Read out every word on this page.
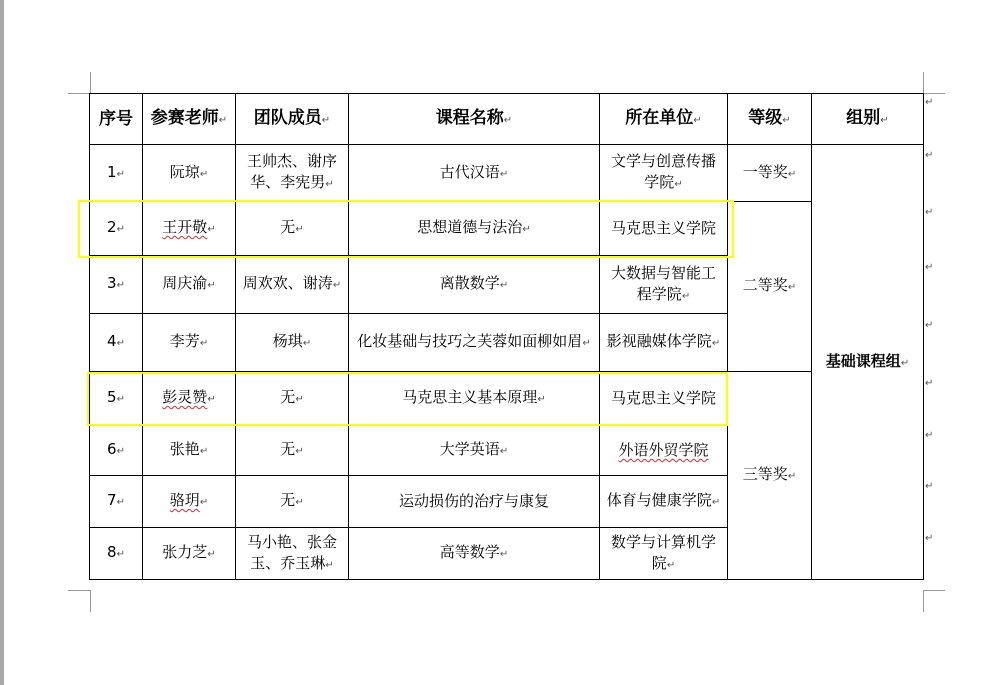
序号	参赛老师↵	团队成员↵	课程名称↵	所在单位↵	等级↵	组别↵
1↵	阮琼↵	王帅杰、谢序华、李宪男↵	古代汉语↵	文学与创意传播学院↵	一等奖↵	基础课程组↵
2↵	王开敬↵	无↵	思想道德与法治↵	马克思主义学院	二等奖↵	
3↵	周庆渝↵	周欢欢、谢涛↵	离散数学↵	大数据与智能工程学院↵		
4↵	李芳↵	杨琪↵	化妆基础与技巧之芙蓉如面柳如眉↵	影视融媒体学院↵		
5↵	彭灵赞↵	无↵	马克思主义基本原理↵	马克思主义学院	三等奖↵	
6↵	张艳↵	无↵	大学英语↵	外语外贸学院		
7↵	骆玥↵	无↵	运动损伤的治疗与康复	体育与健康学院↵		
8↵	张力芝↵	马小艳、张金玉、乔玉琳↵	高等数学↵	数学与计算机学院↵		
↵
↵
↵
↵
↵
↵
↵
↵
↵
